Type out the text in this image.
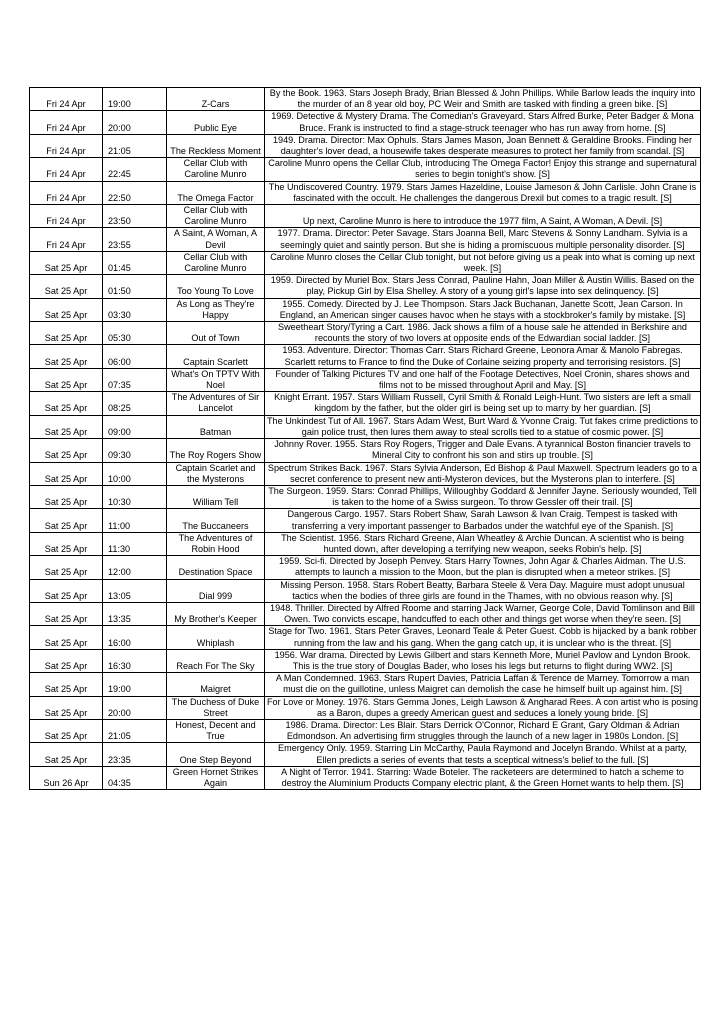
Fri 24 Apr	19:00	Z-Cars	By the Book. 1963. Stars Joseph Brady, Brian Blessed & John Phillips. While Barlow leads the inquiry into the murder of an 8 year old boy, PC Weir and Smith are tasked with finding a green bike. [S]
Fri 24 Apr	20:00	Public Eye	1969. Detective & Mystery Drama. The Comedian's Graveyard. Stars Alfred Burke, Peter Badger & Mona Bruce. Frank is instructed to find a stage-struck teenager who has run away from home. [S]
Fri 24 Apr	21:05	The Reckless Moment	1949. Drama. Director: Max Ophuls. Stars James Mason, Joan Bennett & Geraldine Brooks. Finding her daughter's lover dead, a housewife takes desperate measures to protect her family from scandal. [S]
Fri 24 Apr	22:45	Cellar Club with Caroline Munro	Caroline Munro opens the Cellar Club, introducing The Omega Factor! Enjoy this strange and supernatural series to begin tonight's show. [S]
Fri 24 Apr	22:50	The Omega Factor	The Undiscovered Country. 1979. Stars James Hazeldine, Louise Jameson & John Carlisle. John Crane is fascinated with the occult. He challenges the dangerous Drexil but comes to a tragic result. [S]
Fri 24 Apr	23:50	Cellar Club with Caroline Munro	Up next, Caroline Munro is here to introduce the 1977 film, A Saint, A Woman, A Devil. [S]
Fri 24 Apr	23:55	A Saint, A Woman, A Devil	1977. Drama. Director: Peter Savage. Stars Joanna Bell, Marc Stevens & Sonny Landham. Sylvia is a seemingly quiet and saintly person. But she is hiding a promiscuous multiple personality disorder. [S]
Sat 25 Apr	01:45	Cellar Club with Caroline Munro	Caroline Munro closes the Cellar Club tonight, but not before giving us a peak into what is coming up next week. [S]
Sat 25 Apr	01:50	Too Young To Love	1959. Directed by Muriel Box. Stars Jess Conrad, Pauline Hahn, Joan Miller & Austin Willis. Based on the play, Pickup Girl by Elsa Shelley. A story of a young girl's lapse into sex delinquency. [S]
Sat 25 Apr	03:30	As Long as They're Happy	1955. Comedy. Directed by J. Lee Thompson. Stars Jack Buchanan, Janette Scott, Jean Carson. In England, an American singer causes havoc when he stays with a stockbroker's family by mistake. [S]
Sat 25 Apr	05:30	Out of Town	Sweetheart Story/Tyring a Cart. 1986. Jack shows a film of a house sale he attended in Berkshire and recounts the story of two lovers at opposite ends of the Edwardian social ladder. [S]
Sat 25 Apr	06:00	Captain Scarlett	1953. Adventure. Director: Thomas Carr. Stars Richard Greene, Leonora Amar & Manolo Fabregas. Scarlett returns to France to find the Duke of Corlaine seizing property and terrorising resistors. [S]
Sat 25 Apr	07:35	What's On TPTV With Noel	Founder of Talking Pictures TV and one half of the Footage Detectives, Noel Cronin, shares shows and films not to be missed throughout April and May. [S]
Sat 25 Apr	08:25	The Adventures of Sir Lancelot	Knight Errant. 1957. Stars William Russell, Cyril Smith & Ronald Leigh-Hunt. Two sisters are left a small kingdom by the father, but the older girl is being set up to marry by her guardian. [S]
Sat 25 Apr	09:00	Batman	The Unkindest Tut of All. 1967. Stars Adam West, Burt Ward & Yvonne Craig. Tut fakes crime predictions to gain police trust, then lures them away to steal scrolls tied to a statue of cosmic power. [S]
Sat 25 Apr	09:30	The Roy Rogers Show	Johnny Rover. 1955. Stars Roy Rogers, Trigger and Dale Evans. A tyrannical Boston financier travels to Mineral City to confront his son and stirs up trouble. [S]
Sat 25 Apr	10:00	Captain Scarlet and the Mysterons	Spectrum Strikes Back. 1967. Stars Sylvia Anderson, Ed Bishop & Paul Maxwell. Spectrum leaders go to a secret conference to present new anti-Mysteron devices, but the Mysterons plan to interfere. [S]
Sat 25 Apr	10:30	William Tell	The Surgeon. 1959. Stars: Conrad Phillips, Willoughby Goddard & Jennifer Jayne. Seriously wounded, Tell is taken to the home of a Swiss surgeon. To throw Gessler off their trail. [S]
Sat 25 Apr	11:00	The Buccaneers	Dangerous Cargo. 1957. Stars Robert Shaw, Sarah Lawson & Ivan Craig. Tempest is tasked with transferring a very important passenger to Barbados under the watchful eye of the Spanish. [S]
Sat 25 Apr	11:30	The Adventures of Robin Hood	The Scientist. 1956. Stars Richard Greene, Alan Wheatley & Archie Duncan. A scientist who is being hunted down, after developing a terrifying new weapon, seeks Robin's help. [S]
Sat 25 Apr	12:00	Destination Space	1959. Sci-fi. Directed by Joseph Penvey. Stars Harry Townes, John Agar & Charles Aidman. The U.S. attempts to launch a mission to the Moon, but the plan is disrupted when a meteor strikes. [S]
Sat 25 Apr	13:05	Dial 999	Missing Person. 1958. Stars Robert Beatty, Barbara Steele & Vera Day. Maguire must adopt unusual tactics when the bodies of three girls are found in the Thames, with no obvious reason why. [S]
Sat 25 Apr	13:35	My Brother's Keeper	1948. Thriller. Directed by Alfred Roome and starring Jack Warner, George Cole, David Tomlinson and Bill Owen. Two convicts escape, handcuffed to each other and things get worse when they're seen. [S]
Sat 25 Apr	16:00	Whiplash	Stage for Two. 1961. Stars Peter Graves, Leonard Teale & Peter Guest. Cobb is hijacked by a bank robber running from the law and his gang. When the gang catch up, it is unclear who is the threat. [S]
Sat 25 Apr	16:30	Reach For The Sky	1956. War drama. Directed by Lewis Gilbert and stars Kenneth More, Muriel Pavlow and Lyndon Brook. This is the true story of Douglas Bader, who loses his legs but returns to flight during WW2. [S]
Sat 25 Apr	19:00	Maigret	A Man Condemned. 1963. Stars Rupert Davies, Patricia Laffan & Terence de Marney. Tomorrow a man must die on the guillotine, unless Maigret can demolish the case he himself built up against him. [S]
Sat 25 Apr	20:00	The Duchess of Duke Street	For Love or Money. 1976. Stars Gemma Jones, Leigh Lawson & Angharad Rees. A con artist who is posing as a Baron, dupes a greedy American guest and seduces a lonely young bride. [S]
Sat 25 Apr	21:05	Honest, Decent and True	1986. Drama. Director: Les Blair. Stars Derrick O'Connor, Richard E Grant, Gary Oldman & Adrian Edmondson. An advertising firm struggles through the launch of a new lager in 1980s London. [S]
Sat 25 Apr	23:35	One Step Beyond	Emergency Only. 1959. Starring Lin McCarthy, Paula Raymond and Jocelyn Brando. Whilst at a party, Ellen predicts a series of events that tests a sceptical witness's belief to the full. [S]
Sun 26 Apr	04:35	Green Hornet Strikes Again	A Night of Terror. 1941. Starring: Wade Boteler. The racketeers are determined to hatch a scheme to destroy the Aluminium Products Company electric plant, & the Green Hornet wants to help them. [S]
